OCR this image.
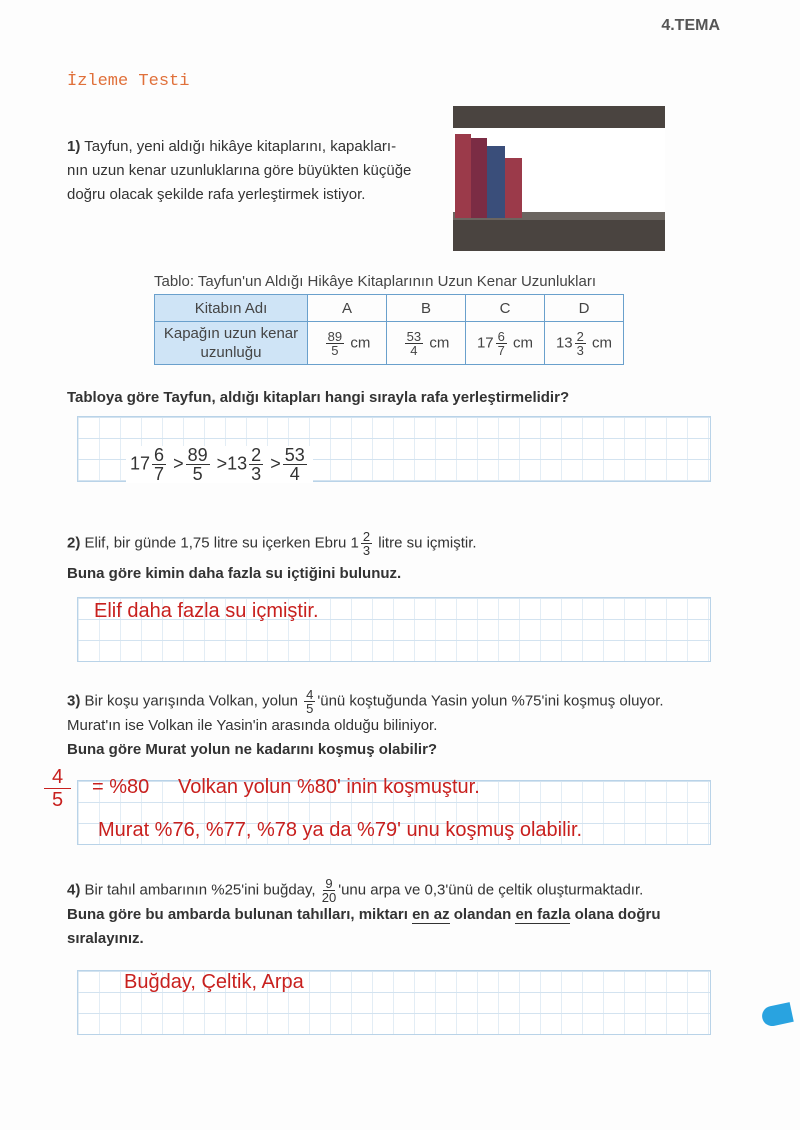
4.TEMA
İzleme Testi
1) Tayfun, yeni aldığı hikâye kitaplarını, kapakları-nın uzun kenar uzunluklarına göre büyükten küçüğe doğru olacak şekilde rafa yerleştirmek istiyor.
Tablo: Tayfun'un Aldığı Hikâye Kitaplarının Uzun Kenar Uzunlukları
Kitabın Adı	A	B	C	D
Kapağın uzun kenar uzunluğu	$\frac{89}{5}$ cm	$\frac{53}{4}$ cm	$17 \frac{6}{7}$ cm	$13 \frac{2}{3}$ cm
Tabloya göre Tayfun, aldığı kitapları hangi sırayla rafa yerleştirmelidir?
$17 \frac{6}{7} > \frac{89}{5} >13 \frac{2}{3} > \frac{53}{4}$
2) Elif, bir günde 1,75 litre su içerken Ebru $1 \frac{2}{3}$ litre su içmiştir.
Buna göre kimin daha fazla su içtiğini bulunuz.
Elif daha fazla su içmiştir.
3) Bir koşu yarışında Volkan, yolun $\frac{4}{5}$ 'ünü koştuğunda Yasin yolun %75'ini koşmuş oluyor.
Murat'ın ise Volkan ile Yasin'in arasında olduğu biliniyor.
Buna göre Murat yolun ne kadarını koşmuş olabilir?
$\frac{4}{5} = \%80$ Volkan yolun %80' inin koşmuştur.
Murat %76, %77, %78 ya da %79' unu koşmuş olabilir.
4) Bir tahıl ambarının %25'ini buğday, $\frac{9}{20}$ 'unu arpa ve 0,3'ünü de çeltik oluşturmaktadır.
Buna göre bu ambarda bulunan tahılları, miktarı en az olandan en fazla olana doğru sıralayınız.
Buğday, Çeltik, Arpa
